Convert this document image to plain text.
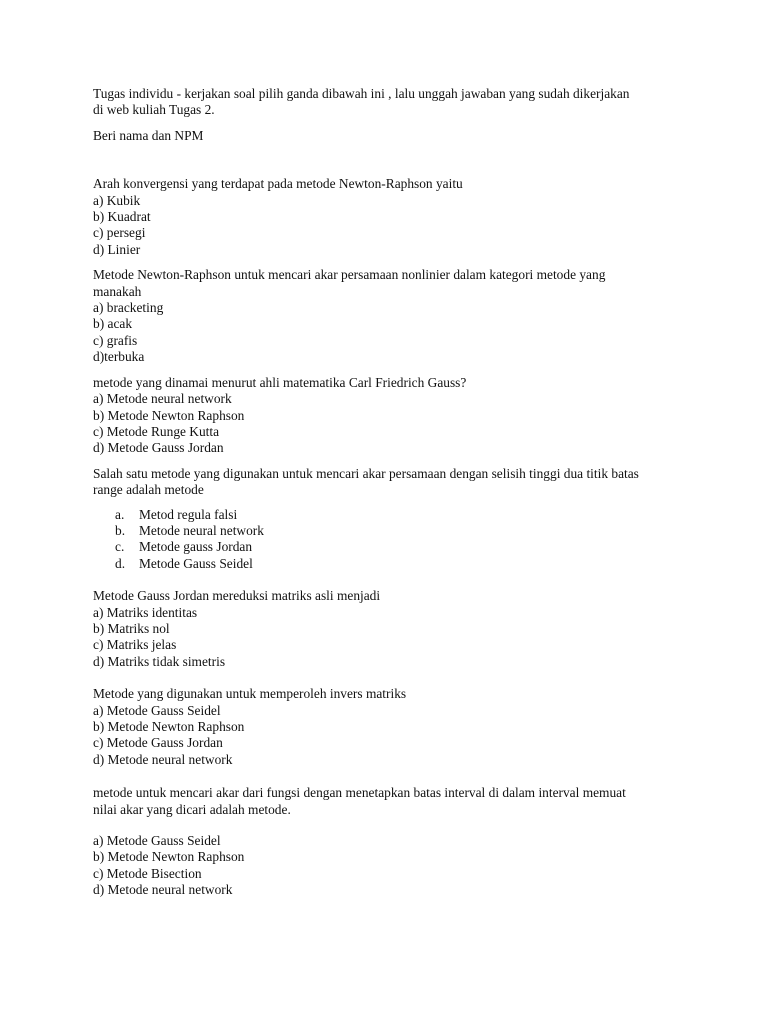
Tugas individu - kerjakan soal pilih ganda dibawah ini , lalu unggah jawaban yang sudah dikerjakan

di web kuliah Tugas 2.

Beri nama dan NPM

Arah konvergensi yang terdapat pada metode Newton-Raphson yaitu

a) Kubik

b) Kuadrat

c) persegi

d) Linier

Metode Newton-Raphson untuk mencari akar persamaan nonlinier dalam kategori metode yang

manakah

a) bracketing

b) acak

c) grafis

d)terbuka

metode yang dinamai menurut ahli matematika Carl Friedrich Gauss?

a) Metode neural network

b) Metode Newton Raphson

c) Metode Runge Kutta

d) Metode Gauss Jordan

Salah satu metode yang digunakan untuk mencari akar persamaan dengan selisih tinggi dua titik batas

range adalah metode

a. Metod regula falsi
b. Metode neural network
c. Metode gauss Jordan
d. Metode Gauss Seidel

Metode Gauss Jordan mereduksi matriks asli menjadi

a) Matriks identitas

b) Matriks nol

c) Matriks jelas

d) Matriks tidak simetris

Metode yang digunakan untuk memperoleh invers matriks

a) Metode Gauss Seidel

b) Metode Newton Raphson

c) Metode Gauss Jordan

d) Metode neural network

metode untuk mencari akar dari fungsi dengan menetapkan batas interval di dalam interval memuat

nilai akar yang dicari adalah metode.

a) Metode Gauss Seidel

b) Metode Newton Raphson

c) Metode Bisection

d) Metode neural network
